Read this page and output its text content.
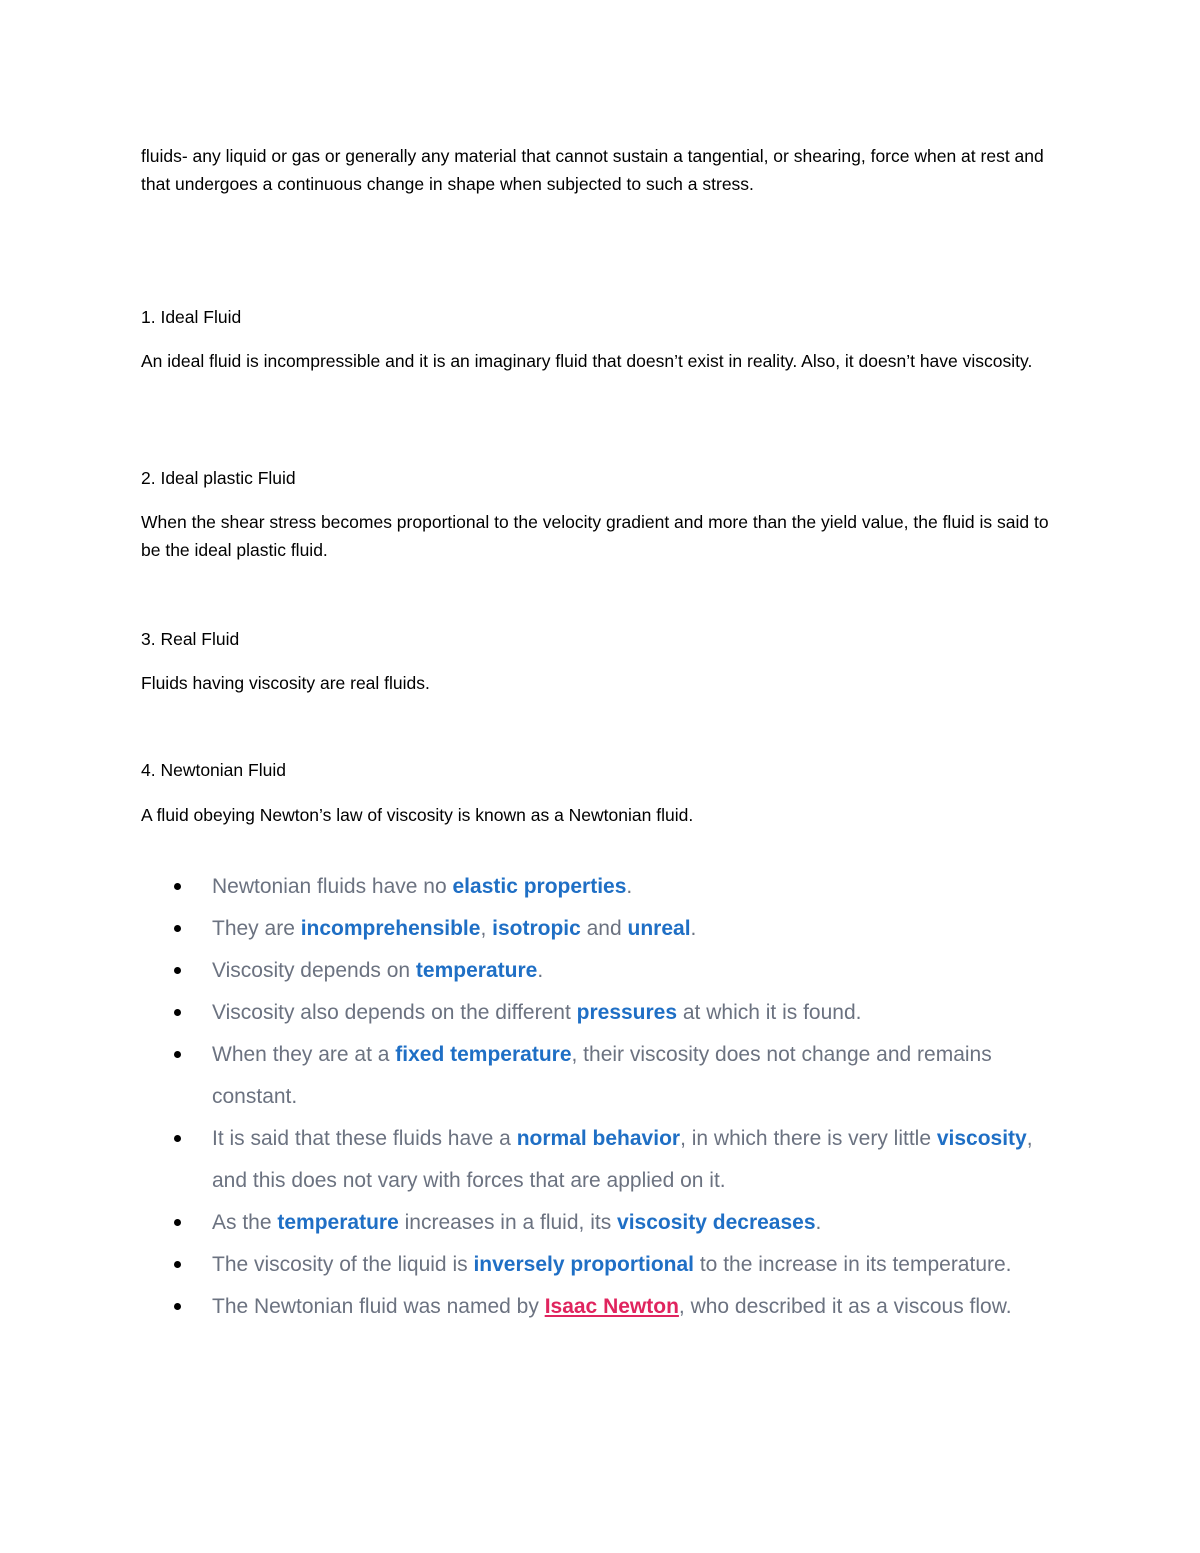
fluids- any liquid or gas or generally any material that cannot sustain a tangential, or shearing, force when at rest and that undergoes a continuous change in shape when subjected to such a stress.

1. Ideal Fluid

An ideal fluid is incompressible and it is an imaginary fluid that doesn’t exist in reality. Also, it doesn’t have viscosity.

2. Ideal plastic Fluid

When the shear stress becomes proportional to the velocity gradient and more than the yield value, the fluid is said to be the ideal plastic fluid.

3. Real Fluid

Fluids having viscosity are real fluids.

4. Newtonian Fluid

A fluid obeying Newton’s law of viscosity is known as a Newtonian fluid.

Newtonian fluids have no elastic properties.
They are incomprehensible, isotropic and unreal.
Viscosity depends on temperature.
Viscosity also depends on the different pressures at which it is found.
When they are at a fixed temperature, their viscosity does not change and remains constant.
It is said that these fluids have a normal behavior, in which there is very little viscosity, and this does not vary with forces that are applied on it.
As the temperature increases in a fluid, its viscosity decreases.
The viscosity of the liquid is inversely proportional to the increase in its temperature.
The Newtonian fluid was named by Isaac Newton, who described it as a viscous flow.
